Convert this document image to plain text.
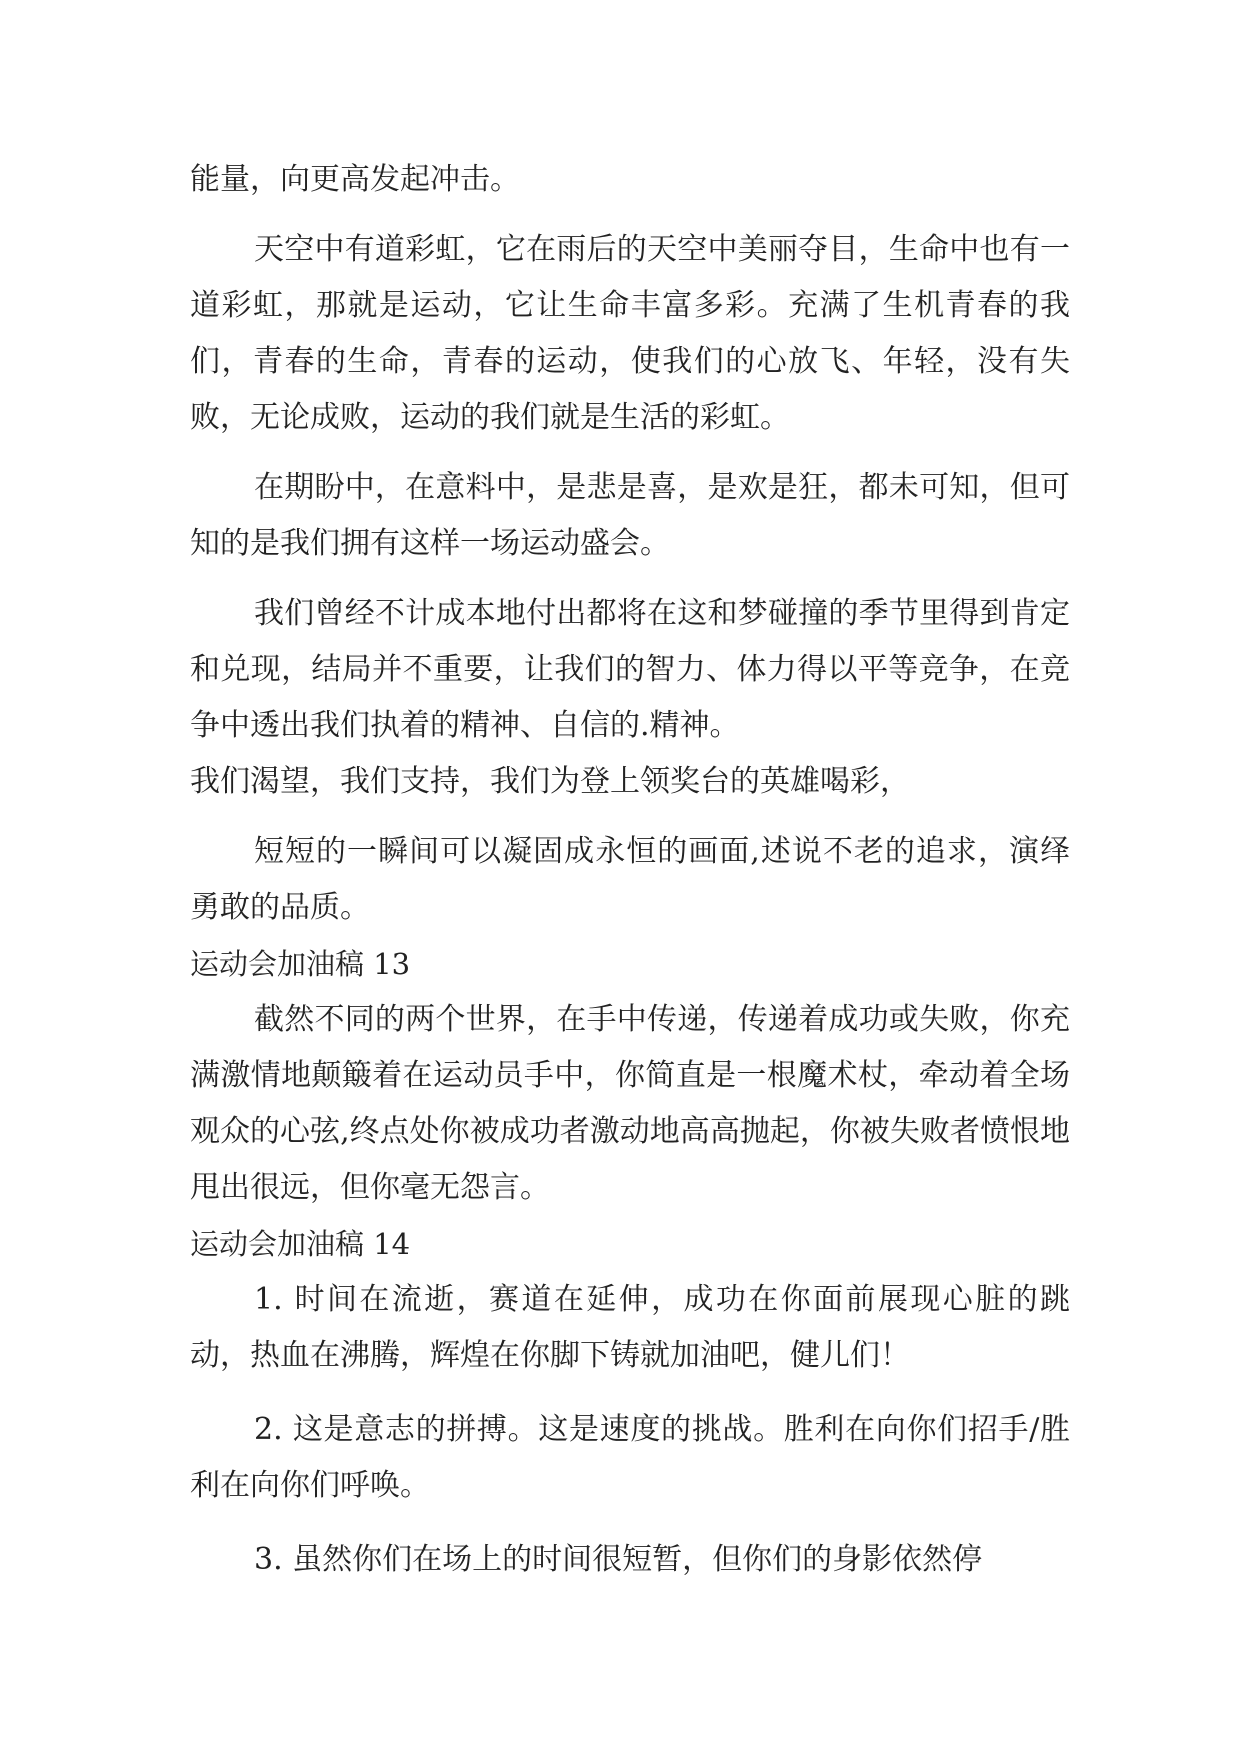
能量，向更高发起冲击。

天空中有道彩虹，它在雨后的天空中美丽夺目，生命中也有一道彩虹，那就是运动，它让生命丰富多彩。充满了生机青春的我们，青春的生命，青春的运动，使我们的心放飞、年轻，没有失败，无论成败，运动的我们就是生活的彩虹。

在期盼中，在意料中，是悲是喜，是欢是狂，都未可知，但可知的是我们拥有这样一场运动盛会。

我们曾经不计成本地付出都将在这和梦碰撞的季节里得到肯定和兑现，结局并不重要，让我们的智力、体力得以平等竞争，在竞争中透出我们执着的精神、自信的.精神。

我们渴望，我们支持，我们为登上领奖台的英雄喝彩，

短短的一瞬间可以凝固成永恒的画面,述说不老的追求，演绎勇敢的品质。

运动会加油稿 13

截然不同的两个世界，在手中传递，传递着成功或失败，你充满激情地颠簸着在运动员手中，你简直是一根魔术杖，牵动着全场观众的心弦,终点处你被成功者激动地高高抛起，你被失败者愤恨地甩出很远，但你毫无怨言。

运动会加油稿 14

1. 时间在流逝，赛道在延伸，成功在你面前展现心脏的跳动，热血在沸腾，辉煌在你脚下铸就加油吧，健儿们！

2. 这是意志的拼搏。这是速度的挑战。胜利在向你们招手/胜利在向你们呼唤。

3. 虽然你们在场上的时间很短暂，但你们的身影依然停
